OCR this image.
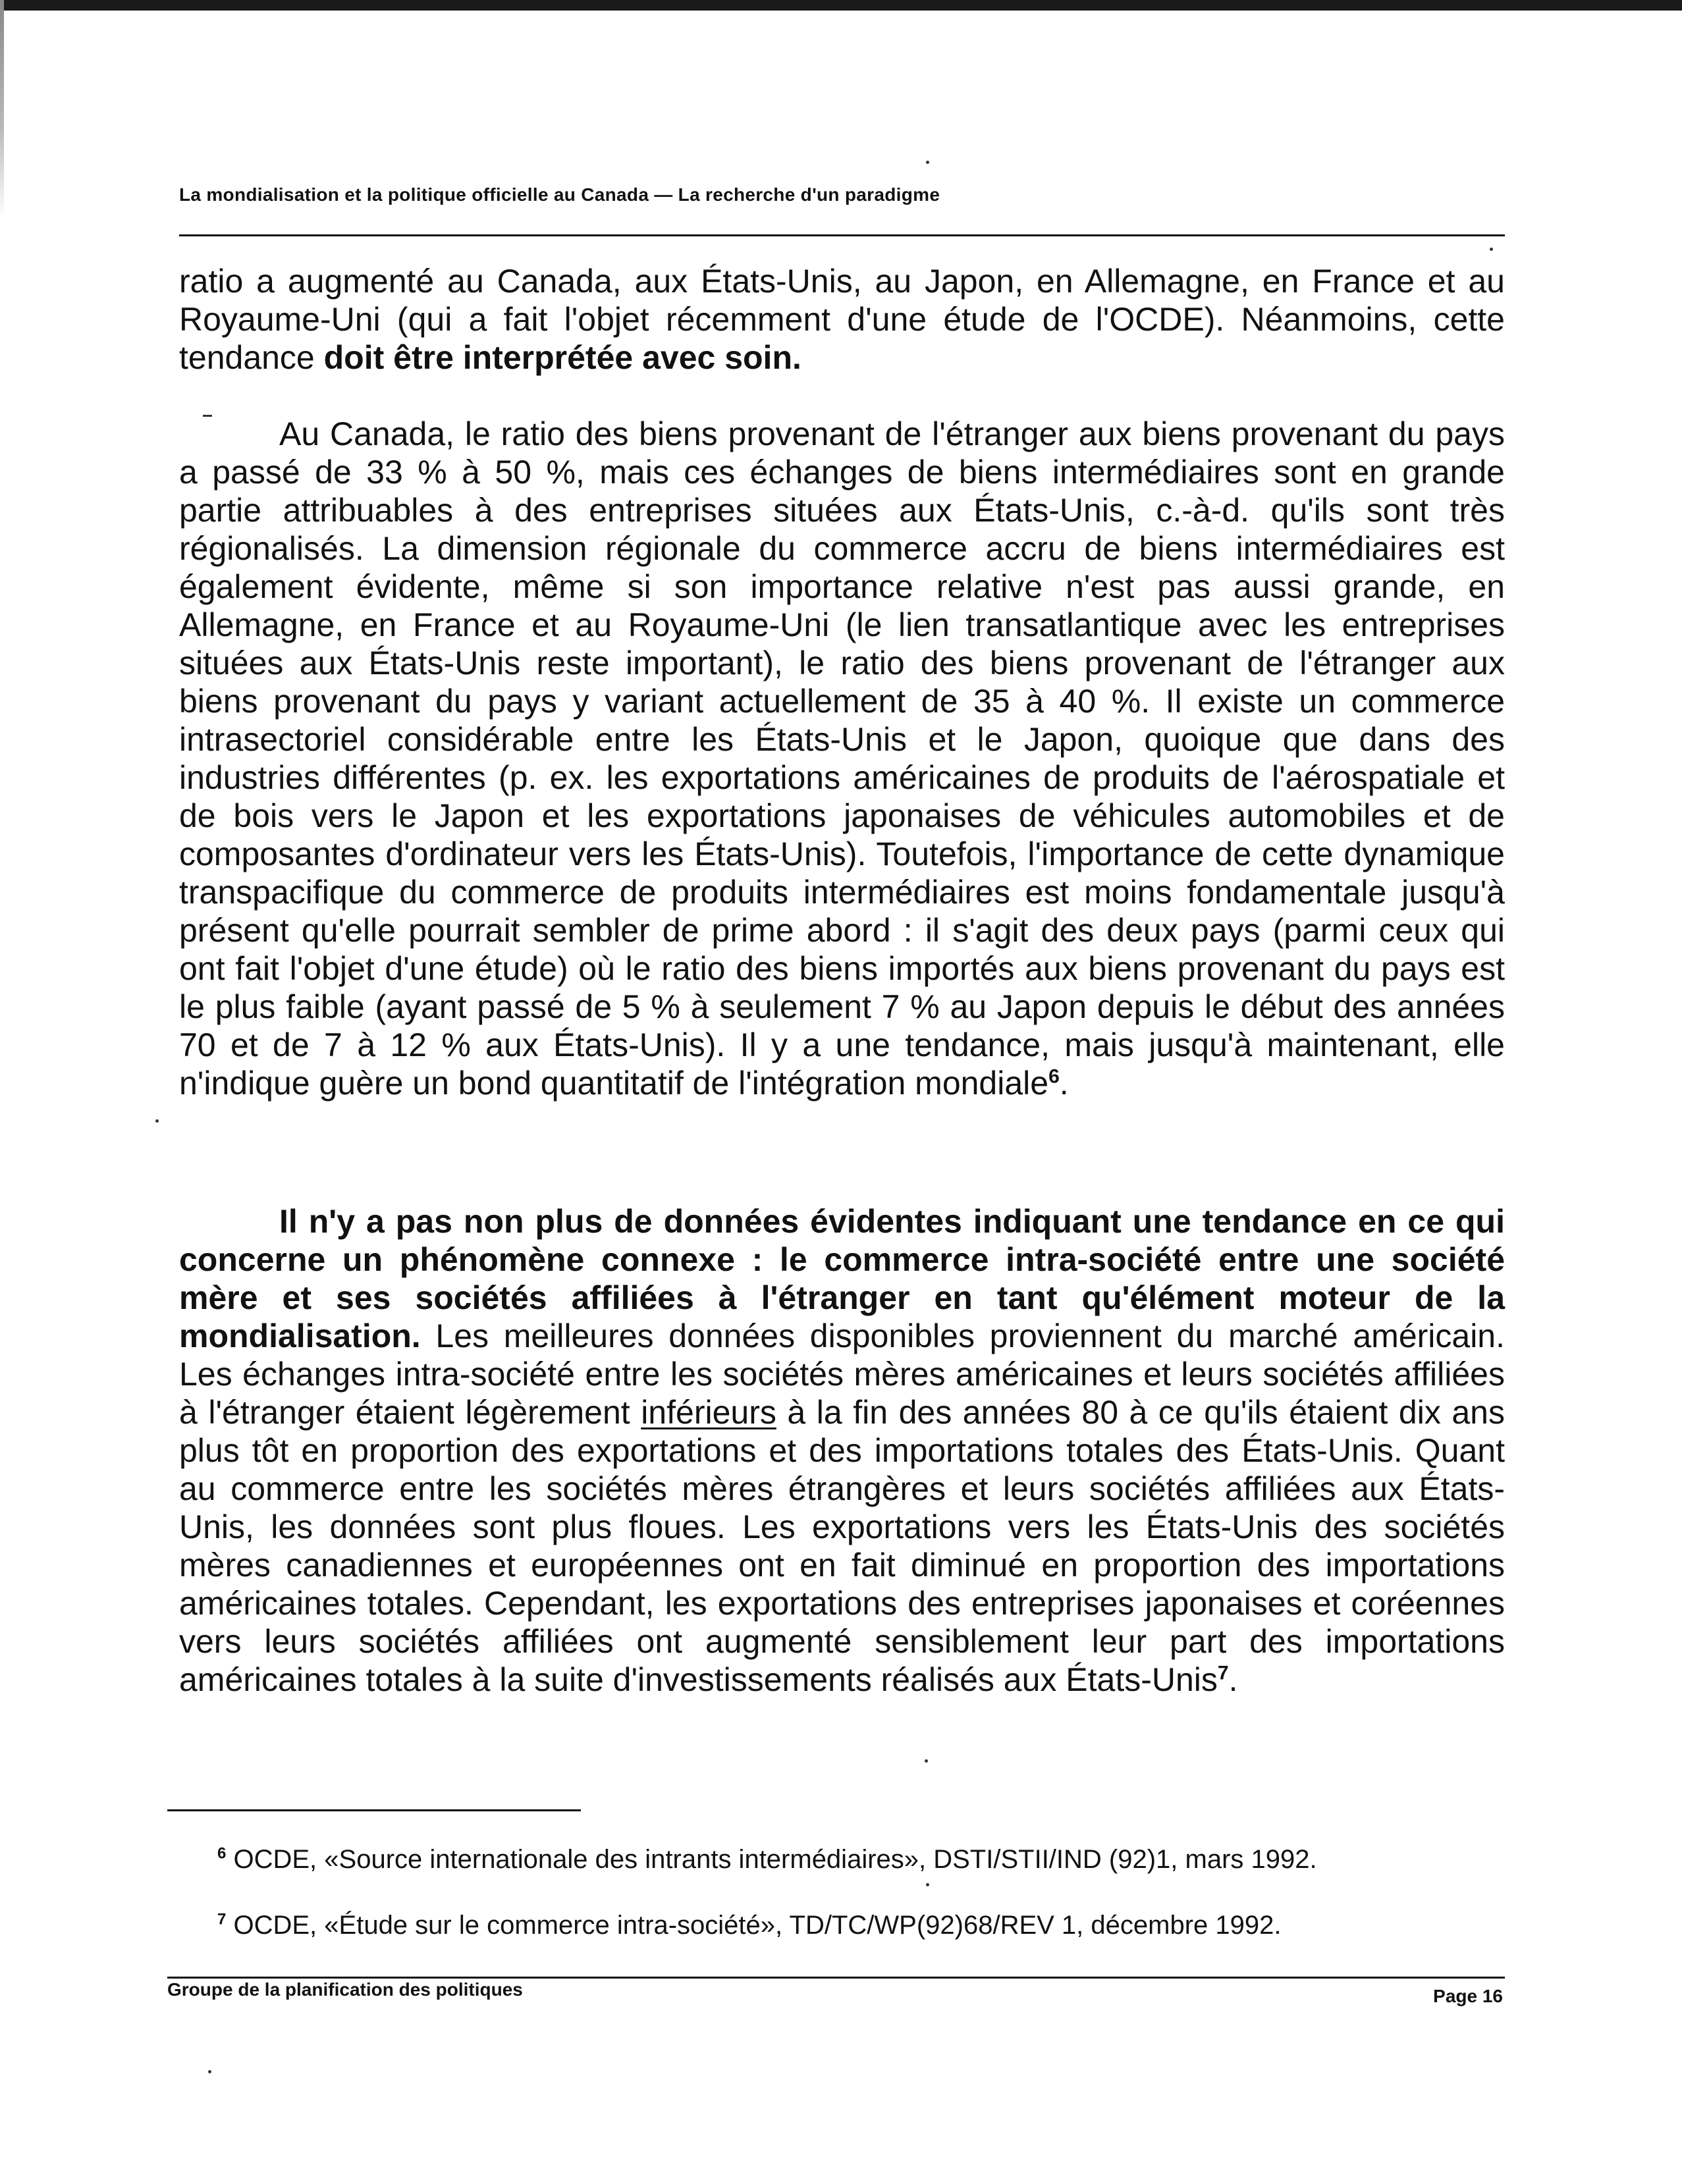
La mondialisation et la politique officielle au Canada — La recherche d'un paradigme

ratio a augmenté au Canada, aux États-Unis, au Japon, en Allemagne, en France et au Royaume-Uni (qui a fait l'objet récemment d'une étude de l'OCDE). Néanmoins, cette tendance doit être interprétée avec soin.

Au Canada, le ratio des biens provenant de l'étranger aux biens provenant du pays a passé de 33 % à 50 %, mais ces échanges de biens intermédiaires sont en grande partie attribuables à des entreprises situées aux États-Unis, c.-à-d. qu'ils sont très régionalisés. La dimension régionale du commerce accru de biens intermédiaires est également évidente, même si son importance relative n'est pas aussi grande, en Allemagne, en France et au Royaume-Uni (le lien transatlantique avec les entreprises situées aux États-Unis reste important), le ratio des biens provenant de l'étranger aux biens provenant du pays y variant actuellement de 35 à 40 %. Il existe un commerce intrasectoriel considérable entre les États-Unis et le Japon, quoique que dans des industries différentes (p. ex. les exportations américaines de produits de l'aérospatiale et de bois vers le Japon et les exportations japonaises de véhicules automobiles et de composantes d'ordinateur vers les États-Unis). Toutefois, l'importance de cette dynamique transpacifique du commerce de produits intermédiaires est moins fondamentale jusqu'à présent qu'elle pourrait sembler de prime abord : il s'agit des deux pays (parmi ceux qui ont fait l'objet d'une étude) où le ratio des biens importés aux biens provenant du pays est le plus faible (ayant passé de 5 % à seulement 7 % au Japon depuis le début des années 70 et de 7 à 12 % aux États-Unis). Il y a une tendance, mais jusqu'à maintenant, elle n'indique guère un bond quantitatif de l'intégration mondiale$^6$.

Il n'y a pas non plus de données évidentes indiquant une tendance en ce qui concerne un phénomène connexe : le commerce intra-société entre une société mère et ses sociétés affiliées à l'étranger en tant qu'élément moteur de la mondialisation. Les meilleures données disponibles proviennent du marché américain. Les échanges intra-société entre les sociétés mères américaines et leurs sociétés affiliées à l'étranger étaient légèrement inférieurs à la fin des années 80 à ce qu'ils étaient dix ans plus tôt en proportion des exportations et des importations totales des États-Unis. Quant au commerce entre les sociétés mères étrangères et leurs sociétés affiliées aux États-Unis, les données sont plus floues. Les exportations vers les États-Unis des sociétés mères canadiennes et européennes ont en fait diminué en proportion des importations américaines totales. Cependant, les exportations des entreprises japonaises et coréennes vers leurs sociétés affiliées ont augmenté sensiblement leur part des importations américaines totales à la suite d'investissements réalisés aux États-Unis$^7$.

$^6$ OCDE, «Source internationale des intrants intermédiaires», DSTI/STII/IND (92)1, mars 1992.

$^7$ OCDE, «Étude sur le commerce intra-société», TD/TC/WP(92)68/REV 1, décembre 1992.

Groupe de la planification des politiques	Page 16
